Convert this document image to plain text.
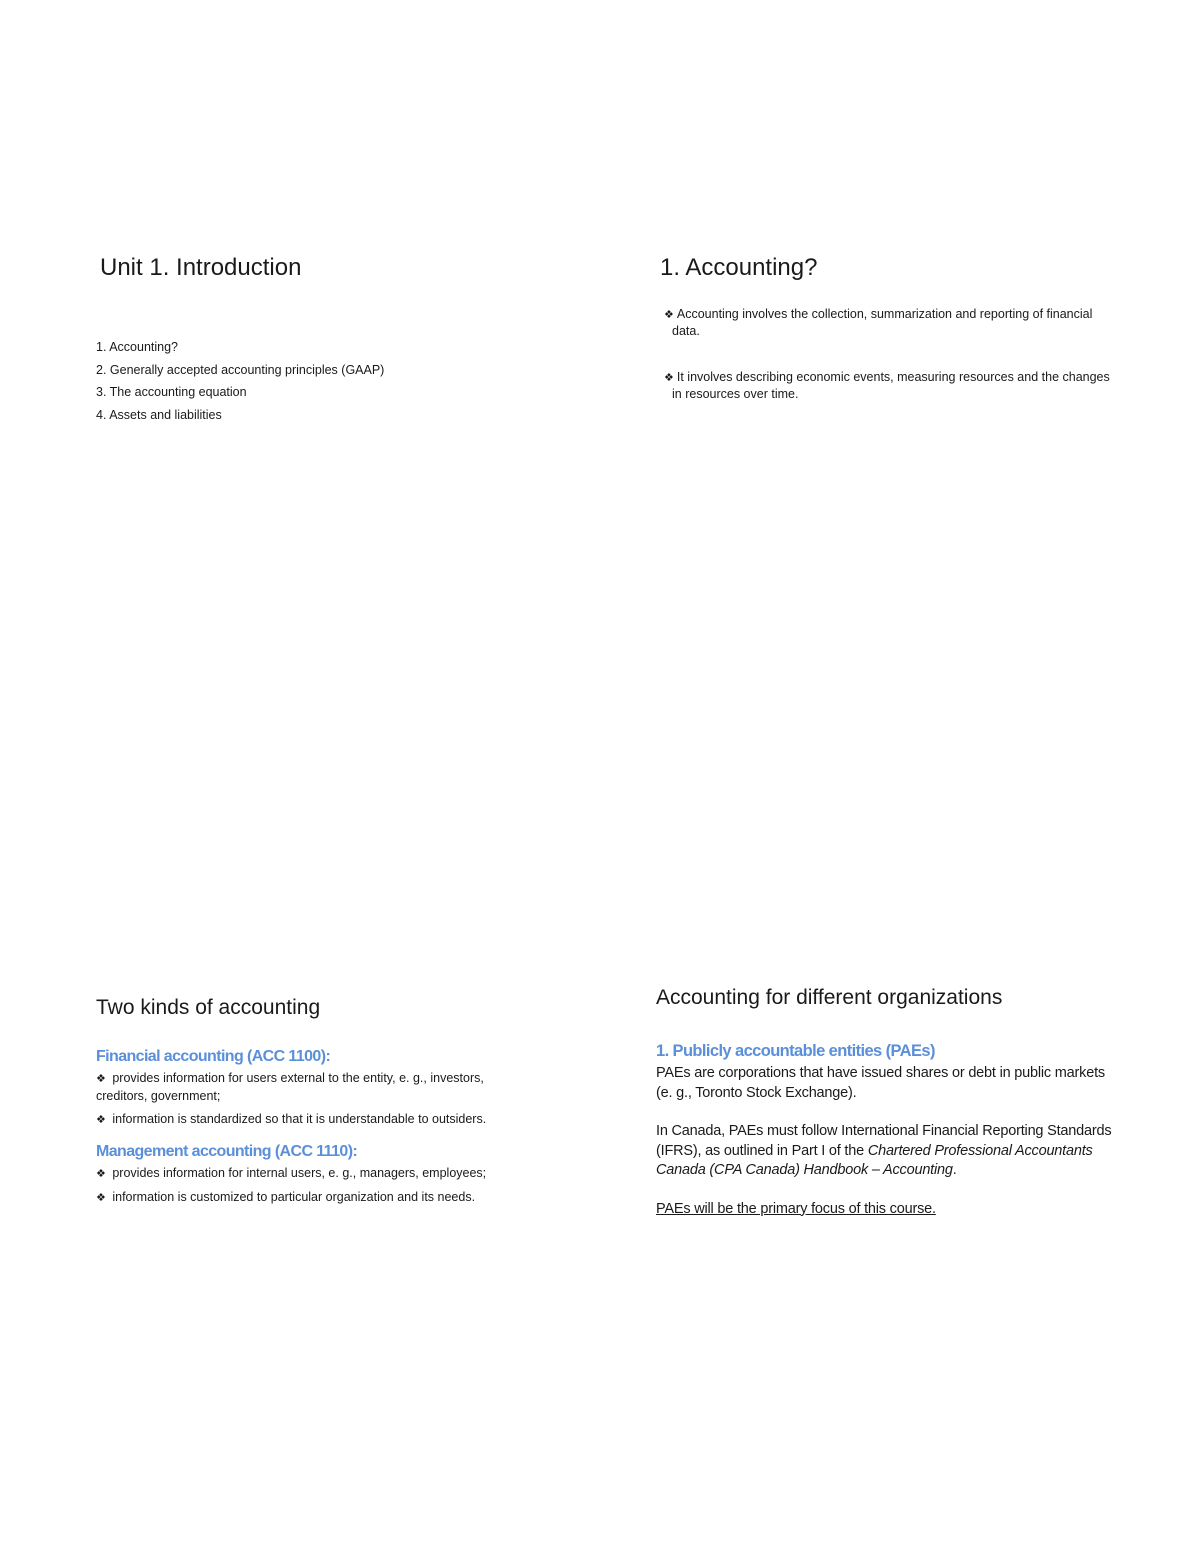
Unit 1. Introduction
1. Accounting?
2. Generally accepted accounting principles (GAAP)
3. The accounting equation
4. Assets and liabilities
1. Accounting?
❖ Accounting involves the collection, summarization and reporting of financial data.
❖ It involves describing economic events, measuring resources and the changes in resources over time.
Two kinds of accounting
Financial accounting (ACC 1100):
❖ provides information for users external to the entity, e. g., investors, creditors, government;
❖ information is standardized so that it is understandable to outsiders.
Management accounting (ACC 1110):
❖ provides information for internal users, e. g., managers, employees;
❖ information is customized to particular organization and its needs.
Accounting for different organizations
1. Publicly accountable entities (PAEs)

PAEs are corporations that have issued shares or debt in public markets (e. g., Toronto Stock Exchange).

In Canada, PAEs must follow International Financial Reporting Standards (IFRS), as outlined in Part I of the Chartered Professional Accountants Canada (CPA Canada) Handbook – Accounting.

PAEs will be the primary focus of this course.
